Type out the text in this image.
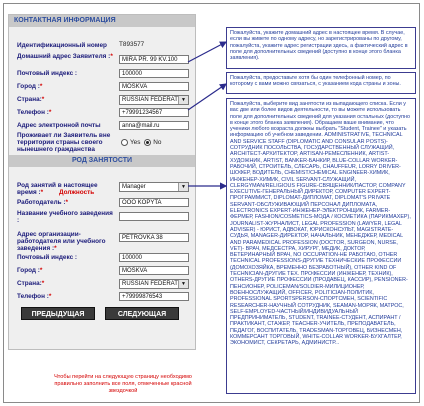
КОНТАКТНАЯ ИНФОРМАЦИЯ
Идентификационный номер T893577
Домашний адрес Заявителя :*	MIRA PR. 99 KV.100
Почтовый индекс :	100000
Город :*	MOSKVA
Страна:*	RUSSIAN FEDERAT ▼
Телефон :*	+79991234567
Адрес электронной почты	anna@mail.ru
Проживает ли Заявитель вне территории страны своего нынешнего гражданства
Yes No
РОД ЗАНЯТОСТИ
Род занятий в настоящее время :* Должность
Manager	▼
Работодатель :*	OOO KOPYTA
Название учебного заведения :
Адрес организации- работодателя или учебного заведения :*
PETROVKA 38
Почтовый индекс :	100000
Город :*	MOSKVA
Страна:*	RUSSIAN FEDERAT ▼
Телефон :*	+79999876543
ПРЕДЫДУЩАЯ	СЛЕДУЮЩАЯ
Чтобы перейти на следующую страницу необходимо правильно заполнить все поля, отмеченные красной звездочкой
Пожалуйста, укажите домашний адрес в настоящее время. В случае, если вы живете по одному адресу, но зарегистрированы по другому, пожалуйста, укажите адрес регистрации здесь, а фактический адрес в поле для дополнительных сведений (доступно в конце этого бланка заявления).
Пожалуйста, предоставьте хотя бы один телефонный номер, по которому с вами можно связаться, с указанием кода страны и зоны.
Пожалуйста, выберите вид занятости из выпадающего списка. Если у вас две или более видов деятельности, то вы можете использовать поле для дополнительных сведений для указания остальных (доступно в конце этого бланка заявления). Обращаем ваше внимание, что ученики любого возраста должны выбрать "Student, Trainee" и указать информацию об учебном заведении. ADMINISTRATIVE, TECHNICAL AND SERVICE STAFF (DIPLOMATIC AND CONSULAR POSTS)-СОТРУДНИК ПОСОЛЬСТВА, ГОСУДАРСТВЕННЫЙ СЛУЖАЩИЙ, ARCHITECT-АРХИТЕКТОР, ARTISAN-РЕМЕСЛЕННИК, ARTIST-ХУДОЖНИК, ARTIST, BANKER-БАНКИР, BLUE-COLLAR WORKER-РАБОЧИЙ, СТРОИТЕЛЬ, СЛЕСАРЬ, CHAUFFEUR, LORRY DRIVER-ШОФЕР, ВОДИТЕЛЬ, CHEMIST/CHEMICAL ENGINEER-ХИМИК, ИНЖЕНЕР-ХИМИК, CIVIL SERVANT-СЛУЖАЩИЙ, CLERGYMAN/RELIGIOUS FIGURE-СВЯЩЕННИК/ПАСТОР, COMPANY EXECUTIVE-ГЕНЕРАЛЬНЫЙ ДИРЕКТОР, COMPUTER EXPERT-ПРОГРАММИСТ, DIPLOMAT-ДИПЛОМАТ, DIPLOMAT'S PRIVATE SERVANT-ОБСЛУЖИВАЮЩИЙ ПЕРСОНАЛ ДИПЛОМАТА, ELECTRONICS EXPERT-ИНЖЕНЕР-ЭЛЕКТРОНЩИК, FARMER-ФЕРМЕР, FASHION/COSMETICS-МОДА / КОСМЕТИКА (ПАРИКМАХЕР), JOURNALIST-ЖУРНАЛИСТ, LEGAL PROFESSION (LAWYER, LEGAL ADVISER) - ЮРИСТ, АДВОКАТ, ЮРИСКОНСУЛЬТ, MAGISTRATE-СУДЬЯ, MANAGER-ДИРЕКТОР, НАЧАЛЬНИК, МЕНЕДЖЕР, MEDICAL AND PARAMEDICAL PROFESSION (DOCTOR, SURGEON, NURSE, VET)- ВРАЧ, МЕДСЕСТРА, ХИРУРГ, МЕДИК, ДОКТОР, ВЕТЕРИНАРНЫЙ ВРАЧ, NO OCCUPATION-НЕ РАБОТАЮ, OTHER TECHNICAL PROFESSIONS-ДРУГИЕ ТЕХНИЧЕСКИЕ ПРОФЕССИИ (ДОМОХОЗЯЙКА, ВРЕМЕННО БЕЗРАБОТНЫЙ), OTHER KIND OF TECHNICIAN-ДРУГИЕ ТЕХ. ПРОФЕССИИ (ИНЖЕНЕР, ТЕХНИК), OTHERS-ДРУГИЕ ПРОФЕССИИ (ПРОДАВЕЦ, КАССИР), PENSIONER-ПЕНСИОНЕР, POLICEMAN/SOLDIER-МИЛИЦИОНЕР, ВОЕННОСЛУЖАЩИЙ, OFFICER, POLITICIAN-ПОЛИТИК, PROFESSIONAL SPORTSPERSON-СПОРТСМЕН, SCIENTIFIC RESEARCHER-НАУЧНЫЙ СОТРУДНИК, SEAMAN-МОРЯК, МАТРОС, SELF-EMPLOYED-ЧАСТНЫЙ/ИНДИВИДУАЛЬНЫЙ ПРЕДПРИНИМАТЕЛЬ, STUDENT, TRAINEE-СТУДЕНТ, АСПИРАНТ / ПРАКТИКАНТ, СТАЖЕР, TEACHER-УЧИТЕЛЬ, ПРЕПОДАВАТЕЛЬ, ПЕДАГОГ, ВОСПИТАТЕЛЬ, TRADESMAN-ТОРГОВЕЦ, БИЗНЕСМЕН, КОММЕРСАНТ ТОРГОВЫЙ, WHITE-COLLAR WORKER-БУХГАЛТЕР, ЭКОНОМИСТ, СЕКРЕТАРЬ, АДМИНИСТР...
